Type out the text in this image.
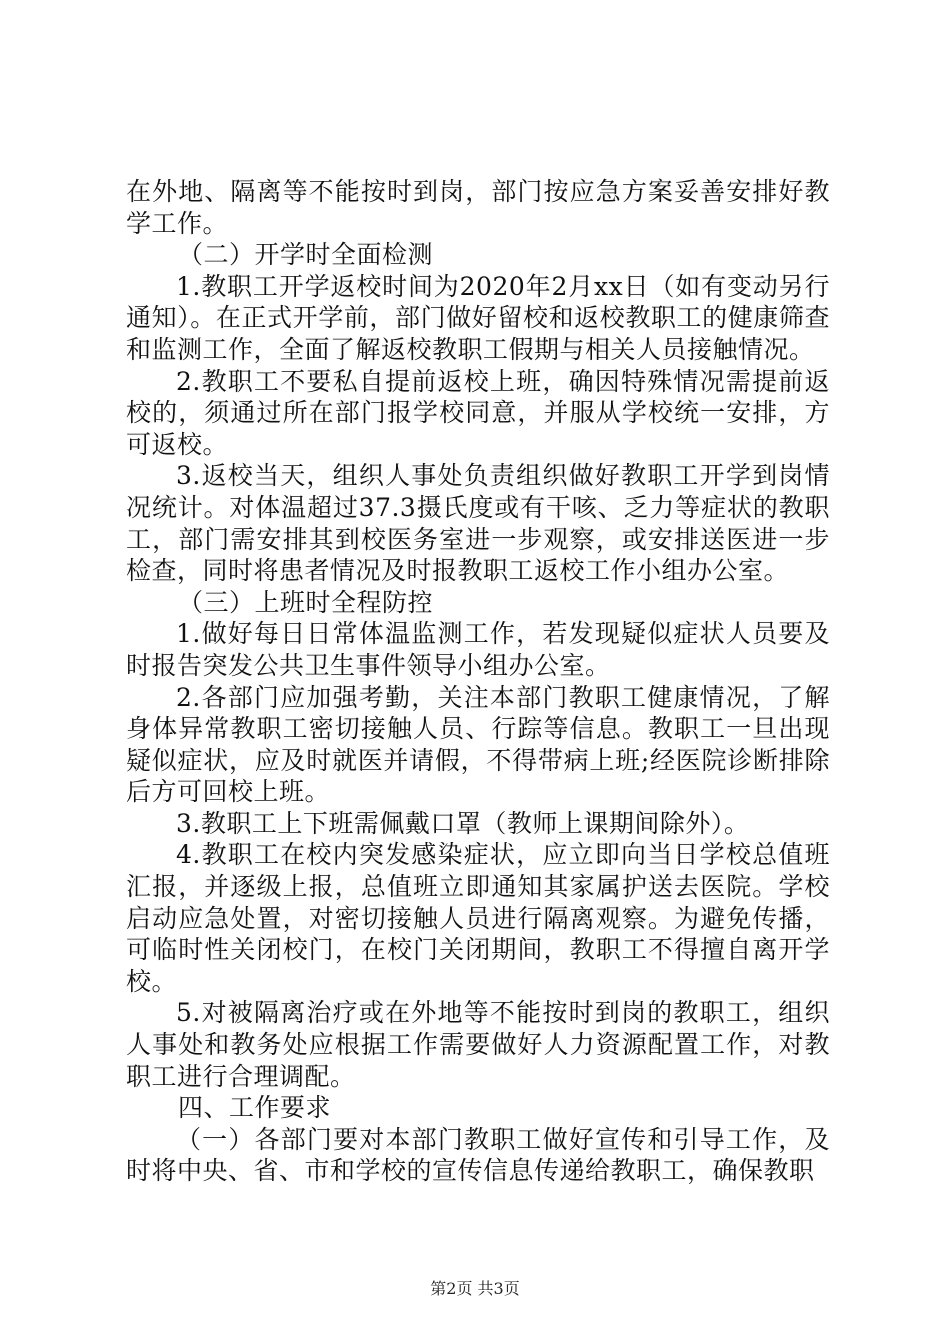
在外地、隔离等不能按时到岗，部门按应急方案妥善安排好教学工作。

（二）开学时全面检测

1.教职工开学返校时间为2020年2月xx日（如有变动另行通知）。在正式开学前，部门做好留校和返校教职工的健康筛查和监测工作，全面了解返校教职工假期与相关人员接触情况。

2.教职工不要私自提前返校上班，确因特殊情况需提前返校的，须通过所在部门报学校同意，并服从学校统一安排，方可返校。

3.返校当天，组织人事处负责组织做好教职工开学到岗情况统计。对体温超过37.3摄氏度或有干咳、乏力等症状的教职工，部门需安排其到校医务室进一步观察，或安排送医进一步检查，同时将患者情况及时报教职工返校工作小组办公室。

（三）上班时全程防控

1.做好每日日常体温监测工作，若发现疑似症状人员要及时报告突发公共卫生事件领导小组办公室。

2.各部门应加强考勤，关注本部门教职工健康情况，了解身体异常教职工密切接触人员、行踪等信息。教职工一旦出现疑似症状，应及时就医并请假，不得带病上班;经医院诊断排除后方可回校上班。

3.教职工上下班需佩戴口罩（教师上课期间除外）。

4.教职工在校内突发感染症状，应立即向当日学校总值班汇报，并逐级上报，总值班立即通知其家属护送去医院。学校启动应急处置，对密切接触人员进行隔离观察。为避免传播，可临时性关闭校门，在校门关闭期间，教职工不得擅自离开学校。

5.对被隔离治疗或在外地等不能按时到岗的教职工，组织人事处和教务处应根据工作需要做好人力资源配置工作，对教职工进行合理调配。

四、工作要求

（一）各部门要对本部门教职工做好宣传和引导工作，及时将中央、省、市和学校的宣传信息传递给教职工，确保教职

第2页 共3页
